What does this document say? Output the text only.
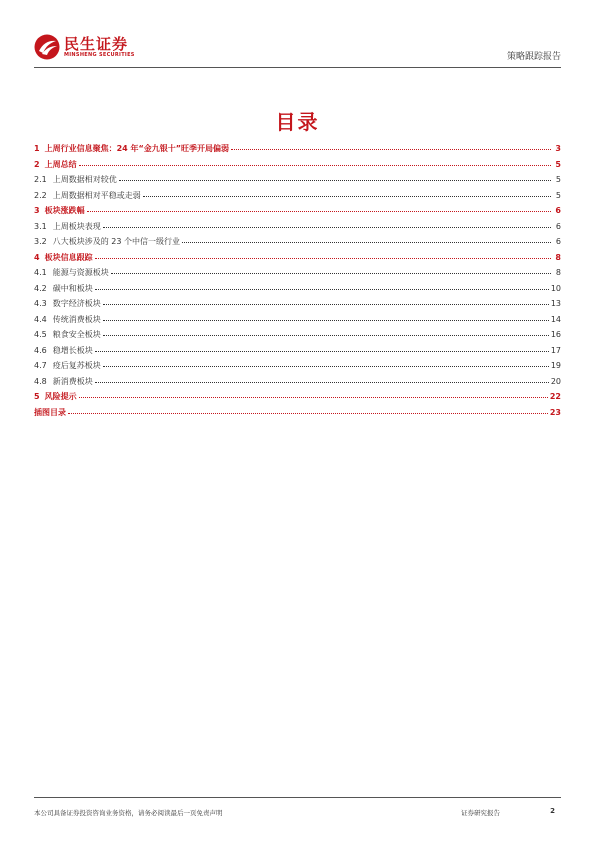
民生证券
MINSHENG SECURITIES	策略跟踪报告
目录
1 上周行业信息聚焦：24 年“金九银十”旺季开局偏弱	3
2 上周总结	5
2.1 上周数据相对较优	5
2.2 上周数据相对平稳或走弱	5
3 板块涨跌幅	6
3.1 上周板块表现	6
3.2 八大板块涉及的 23 个中信一级行业	6
4 板块信息跟踪	8
4.1 能源与资源板块	8
4.2 碳中和板块	10
4.3 数字经济板块	13
4.4 传统消费板块	14
4.5 粮食安全板块	16
4.6 稳增长板块	17
4.7 疫后复苏板块	19
4.8 新消费板块	20
5 风险提示	22
插图目录	23
本公司具备证券投资咨询业务资格，请务必阅读最后一页免责声明	证券研究报告	2
